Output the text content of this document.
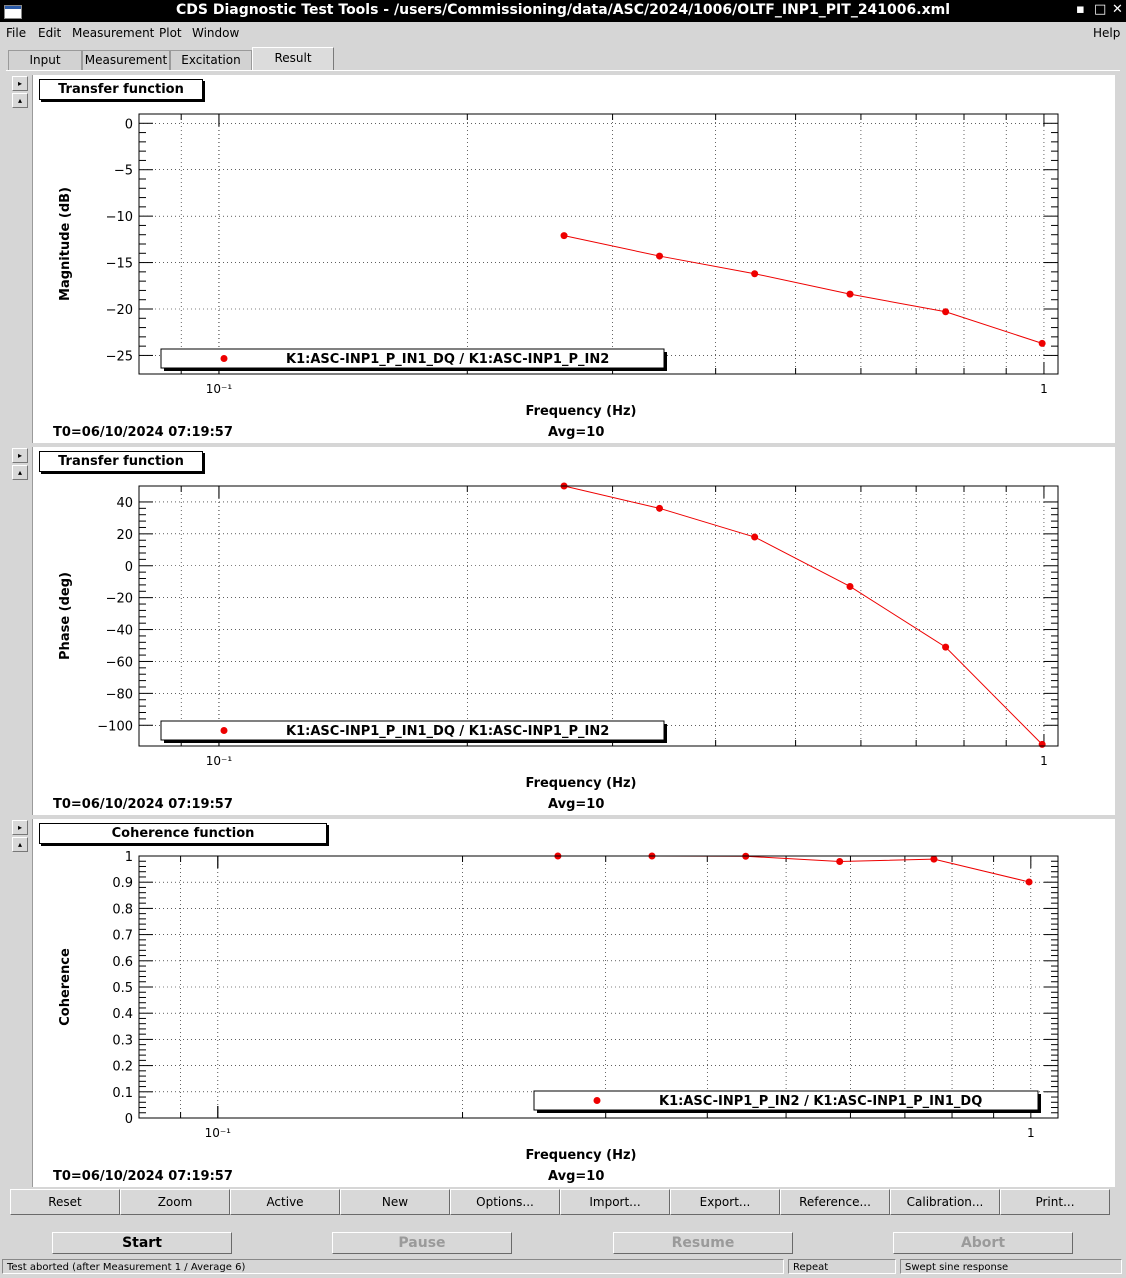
CDS Diagnostic Test Tools - /users/Commissioning/data/ASC/2024/1006/OLTF_INP1_PIT_241006.xml	▪ □ ✕
File Edit Measurement Plot Window	Help
Input	Measurement	Excitation	Result
▸
▴
▸
▴
▸
▴
Transfer function
10⁻¹	1
0
−5
−10
−15
−20
−25
Magnitude (dB)
Frequency (Hz)
T0=06/10/2024 07:19:57	Avg=10
K1:ASC-INP1_P_IN1_DQ / K1:ASC-INP1_P_IN2
Transfer function
10⁻¹	1
40
20
0
−20
−40
−60
−80
−100
Phase (deg)
Frequency (Hz)
T0=06/10/2024 07:19:57	Avg=10
K1:ASC-INP1_P_IN1_DQ / K1:ASC-INP1_P_IN2
Coherence function
10⁻¹	1
1
0.9
0.8
0.7
0.6
0.5
0.4
0.3
0.2
0.1
0
Coherence
Frequency (Hz)
T0=06/10/2024 07:19:57	Avg=10
K1:ASC-INP1_P_IN2 / K1:ASC-INP1_P_IN1_DQ
Reset	Zoom	Active	New	Options...	Import...	Export...	Reference...	Calibration...	Print...
Start	Pause	Resume	Abort
Test aborted (after Measurement 1 / Average 6)	Repeat	Swept sine response
